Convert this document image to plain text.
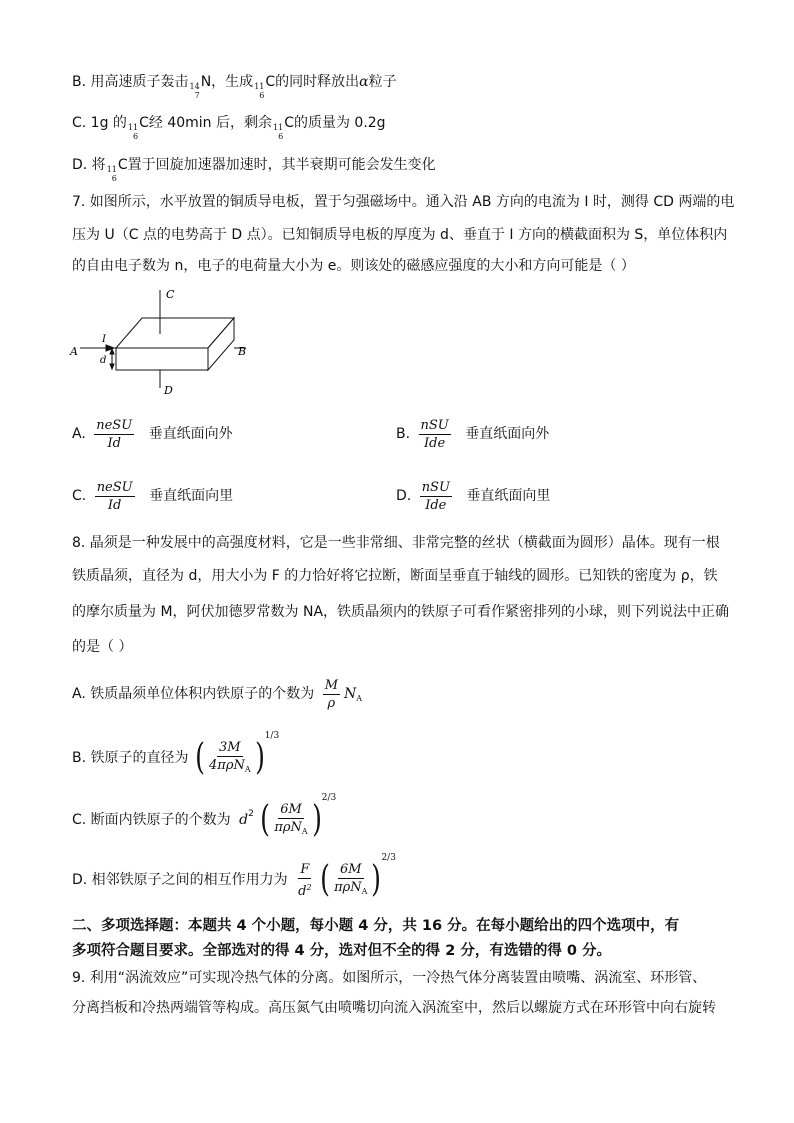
B. 用高速质子轰击 14
7
N，生成 11
6
C的同时释放出α粒子
C. 1g 的 11
6
C经 40min 后，剩余 11
6
C的质量为 0.2g
D. 将 11
6
C置于回旋加速器加速时，其半衰期可能会发生变化
7. 如图所示，水平放置的铜质导电板，置于匀强磁场中。通入沿 AB 方向的电流为 I 时，测得 CD 两端的电
压为 U（C 点的电势高于 D 点）。已知铜质导电板的厚度为 d、垂直于 I 方向的横截面积为 S，单位体积内
的自由电子数为 n，电子的电荷量大小为 e。则该处的磁感应强度的大小和方向可能是（ ）
C
D
A	B
I
d
A. $\frac{\text{neSU}}{Id}$ 垂直纸面向外	B. $\frac{\text{nSU}}{\text{Ide}}$ 垂直纸面向外
C. $\frac{\text{neSU}}{Id}$ 垂直纸面向里	D. $\frac{\text{nSU}}{\text{Ide}}$ 垂直纸面向里
8. 晶须是一种发展中的高强度材料，它是一些非常细、非常完整的丝状（横截面为圆形）晶体。现有一根
铁质晶须，直径为 d，用大小为 F 的力恰好将它拉断，断面呈垂直于轴线的圆形。已知铁的密度为 ρ，铁
的摩尔质量为 M，阿伏加德罗常数为 NA，铁质晶须内的铁原子可看作紧密排列的小球，则下列说法中正确
的是（ ）
A. 铁质晶须单位体积内铁原子的个数为 $\frac{M}{\rho} N_A$
B. 铁原子的直径为 ( $\frac{3M}{4\pi\rho N_A}$ )
1/3
C. 断面内铁原子的个数为 $d^2$ ( $\frac{6M}{\pi\rho N_A}$ )
2/3
D. 相邻铁原子之间的相互作用力为 $\frac{F}{d^2}$
( $\frac{6M}{\pi\rho N_A}$ )
2/3
二、多项选择题：本题共 4 个小题，每小题 4 分，共 16 分。在每小题给出的四个选项中，有
多项符合题目要求。全部选对的得 4 分，选对但不全的得 2 分，有选错的得 0 分。
9. 利用“涡流效应”可实现冷热气体的分离。如图所示，一冷热气体分离装置由喷嘴、涡流室、环形管、
分离挡板和冷热两端管等构成。高压氮气由喷嘴切向流入涡流室中，然后以螺旋方式在环形管中向右旋转
